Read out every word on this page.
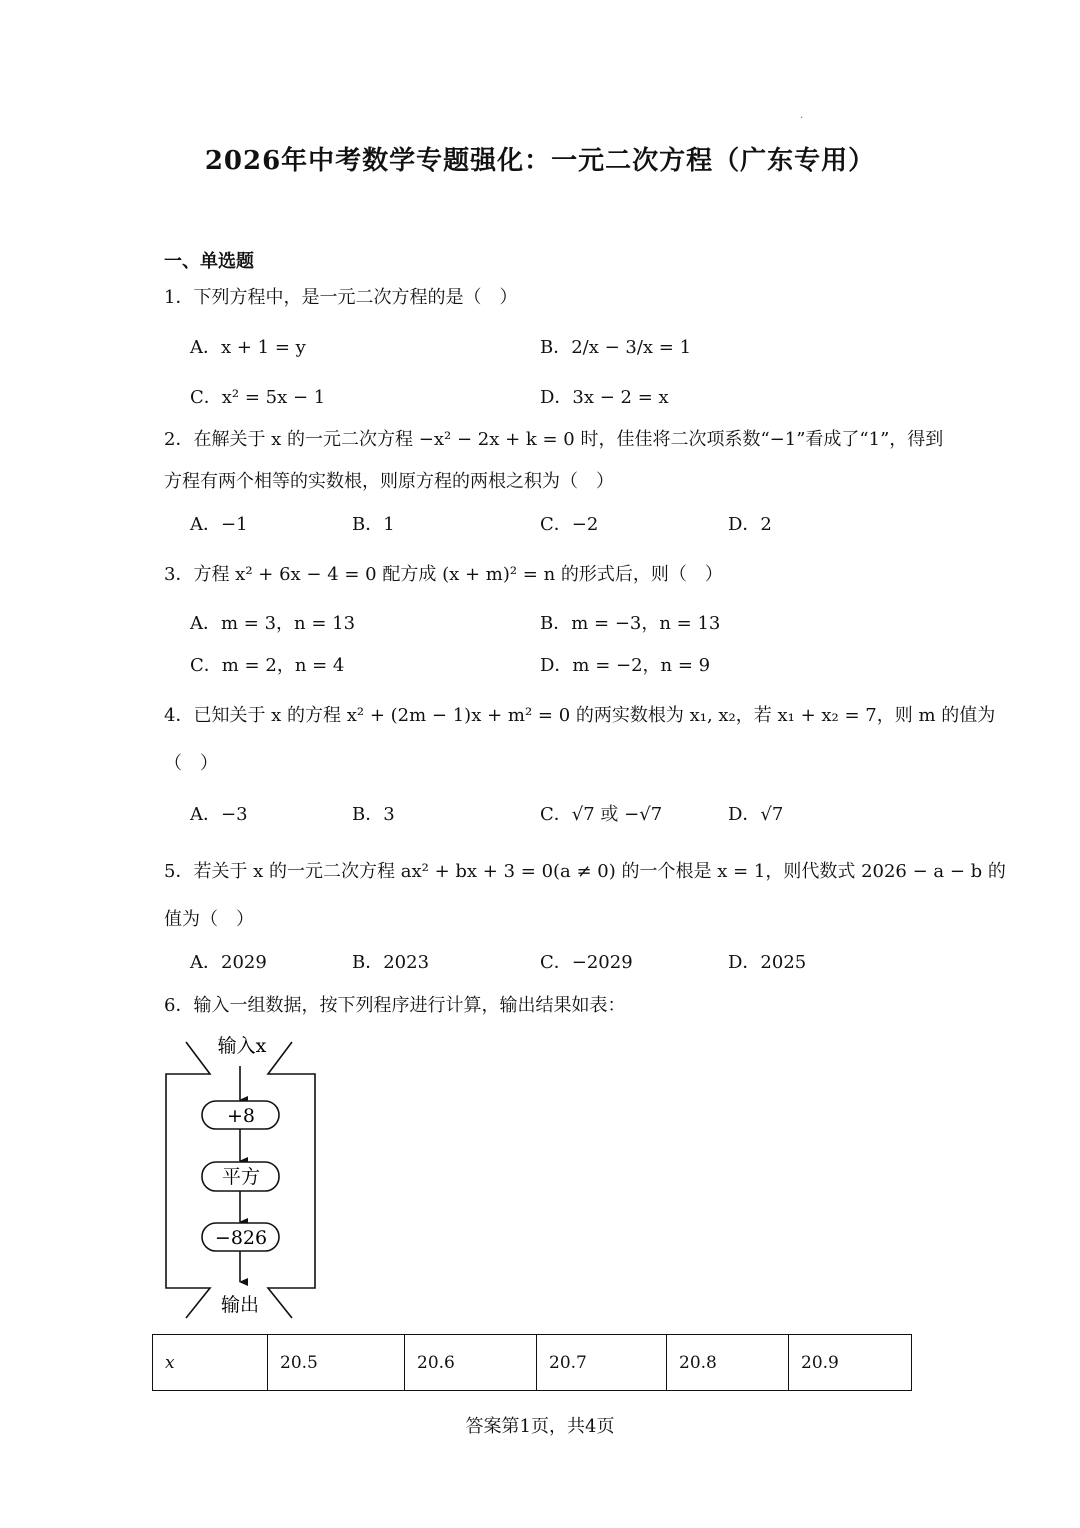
.
2026年中考数学专题强化：一元二次方程（广东专用）
一、单选题
1．下列方程中，是一元二次方程的是（　）
A．x + 1 = y	B．2/x − 3/x = 1
C．x² = 5x − 1	D．3x − 2 = x
2．在解关于 x 的一元二次方程 −x² − 2x + k = 0 时，佳佳将二次项系数“−1”看成了“1”，得到
方程有两个相等的实数根，则原方程的两根之积为（　）
A．−1	B．1	C．−2	D．2
3．方程 x² + 6x − 4 = 0 配方成 (x + m)² = n 的形式后，则（　）
A．m = 3，n = 13	B．m = −3，n = 13
C．m = 2，n = 4	D．m = −2，n = 9
4．已知关于 x 的方程 x² + (2m − 1)x + m² = 0 的两实数根为 x₁, x₂，若 x₁ + x₂ = 7，则 m 的值为
（　）
A．−3	B．3	C．√7 或 −√7	D．√7
5．若关于 x 的一元二次方程 ax² + bx + 3 = 0(a ≠ 0) 的一个根是 x = 1，则代数式 2026 − a − b 的
值为（　）
A．2029	B．2023	C．−2029	D．2025
6．输入一组数据，按下列程序进行计算，输出结果如表：
输入x
+8
平方
−826
输出
x	20.5	20.6	20.7	20.8	20.9
答案第1页，共4页
